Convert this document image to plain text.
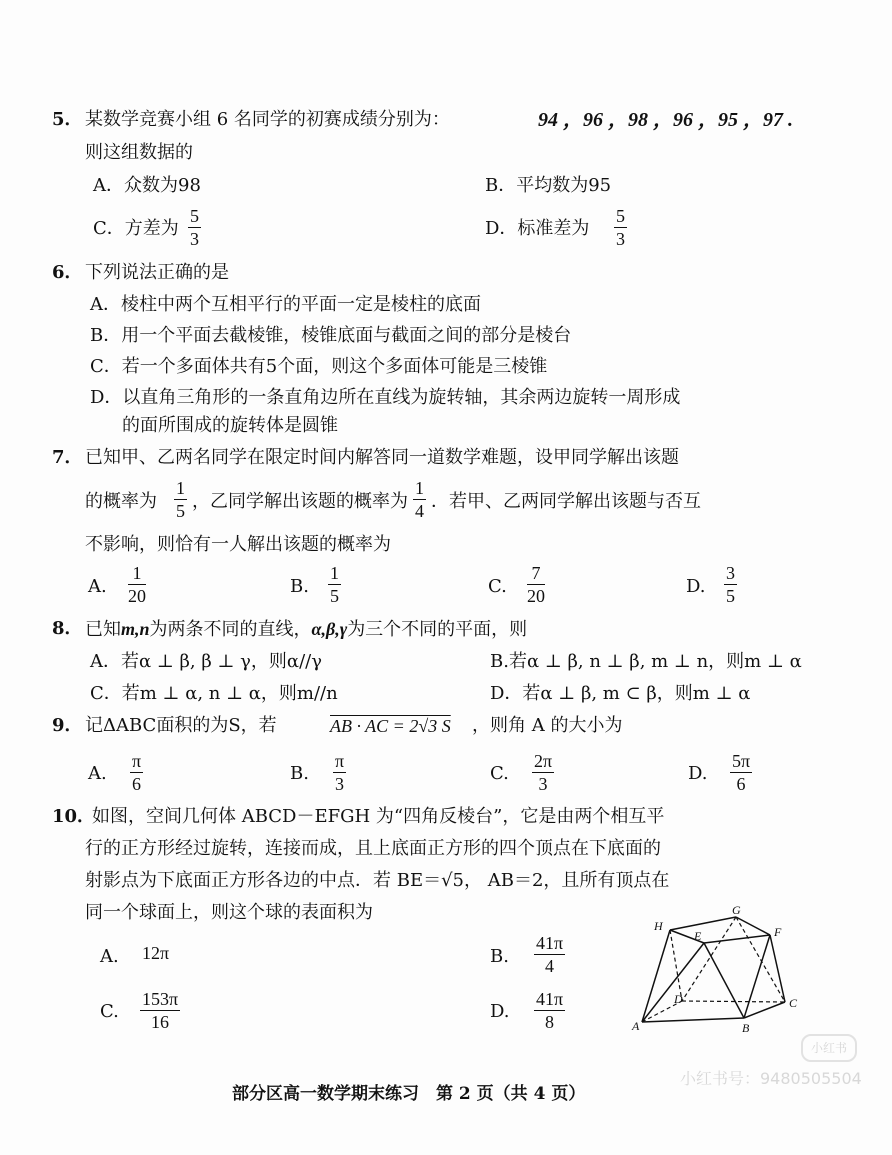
5． 某数学竞赛小组 6 名同学的初赛成绩分别为：	94 ，96 ，98 ，96 ，95 ，97 .
则这组数据的
A．众数为98	B．平均数为95
C．方差为 $\frac{5}{3}$	D．标准差为 $\frac{5}{3}$
6． 下列说法正确的是
A．棱柱中两个互相平行的平面一定是棱柱的底面
B．用一个平面去截棱锥，棱锥底面与截面之间的部分是棱台
C．若一个多面体共有5个面，则这个多面体可能是三棱锥
D．以直角三角形的一条直角边所在直线为旋转轴，其余两边旋转一周形成
的面所围成的旋转体是圆锥
7． 已知甲、乙两名同学在限定时间内解答同一道数学难题，设甲同学解出该题
的概率为 $\frac{1}{5}$ ，乙同学解出该题的概率为 $\frac{1}{4}$ ．若甲、乙两同学解出该题与否互
不影响，则恰有一人解出该题的概率为
A. $\frac{1}{20}$	B. $\frac{1}{5}$	C. $\frac{7}{20}$	D. $\frac{3}{5}$
8． 已知m,n为两条不同的直线，α,β,γ为三个不同的平面，则
A．若α ⊥ β, β ⊥ γ，则α//γ	B.若α ⊥ β, n ⊥ β, m ⊥ n，则m ⊥ α
C．若m ⊥ α, n ⊥ α，则m//n	D．若α ⊥ β, m ⊂ β，则m ⊥ α
9． 记ΔABC面积的为S，若	AB · AC = 2√3 S ，则角 A 的大小为
A. $\frac{\pi}{6}$	B. $\frac{\pi}{3}$	C. $\frac{2\pi}{3}$	D. $\frac{5\pi}{6}$
10．
如图，空间几何体 ABCD－EFGH 为“四角反棱台”，它是由两个相互平
行的正方形经过旋转，连接而成，且上底面正方形的四个顶点在下底面的
射影点为下底面正方形各边的中点．若 BE＝√5， AB＝2，且所有顶点在
同一个球面上，则这个球的表面积为
A. 12π	B. $\frac{41\pi}{4}$
C. $\frac{153\pi}{16}$	D. $\frac{41\pi}{8}$
H
G
F
E
D	C
A	B
小红书
小红书号：9480505504
部分区高一数学期末练习　第 2 页（共 4 页）
